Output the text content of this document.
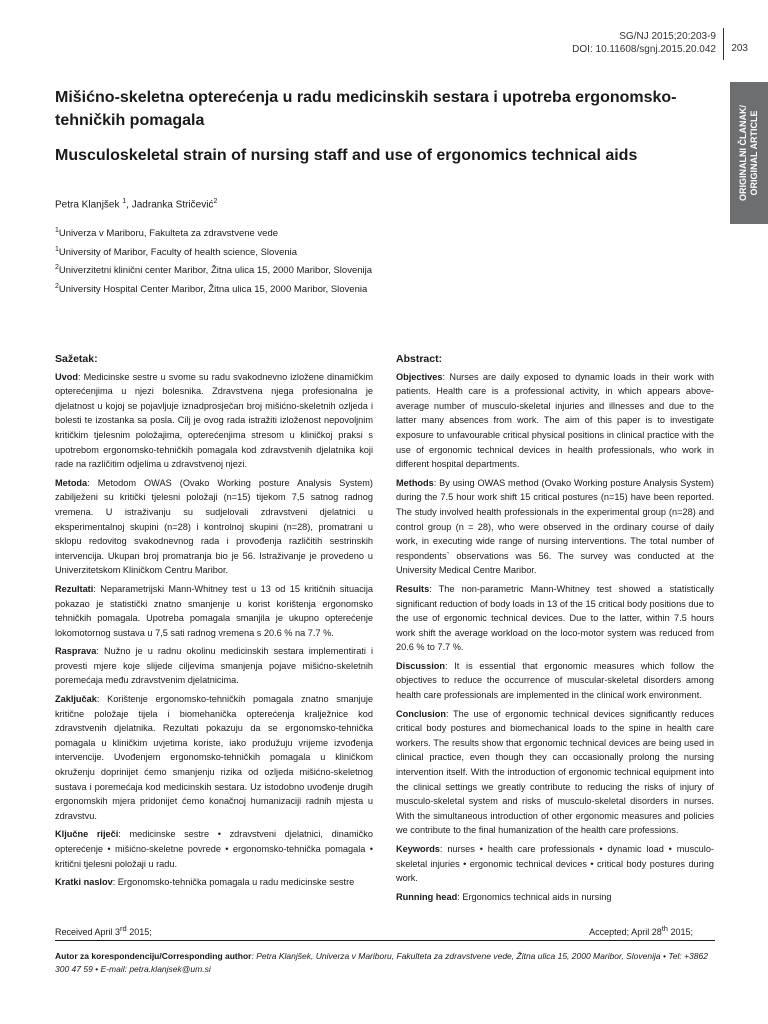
SG/NJ 2015;20:203-9
DOI: 10.11608/sgnj.2015.20.042 203
ORIGINALNI ČLANAK/ ORIGINAL ARTICLE
Mišićno-skeletna opterećenja u radu medicinskih sestara i upotreba ergonomsko-tehničkih pomagala
Musculoskeletal strain of nursing staff and use of ergonomics technical aids
Petra Klanjšek $^1$, Jadranka Stričević$^2$
$^1$Univerza v Mariboru, Fakulteta za zdravstvene vede
$^1$University of Maribor, Faculty of health science, Slovenia
$^2$Univerzitetni klinični center Maribor, Žitna ulica 15, 2000 Maribor, Slovenija
$^2$University Hospital Center Maribor, Žitna ulica 15, 2000 Maribor, Slovenia
Sažetak:

Uvod: Medicinske sestre u svome su radu svakodnevno izložene dinamičkim opterećenjima u njezi bolesnika. Zdravstvena njega profesionalna je djelatnost u kojoj se pojavljuje iznadprosječan broj mišićno-skeletnih ozljeda i bolesti te izostanka sa posla. Cilj je ovog rada istražiti izloženost nepovoljnim kritičkim tjelesnim položajima, opterećenjima stresom u kliničkoj praksi s upotrebom ergonomsko-tehničkih pomagala kod zdravstvenih djelatnika koji rade na različitim odjelima u zdravstvenoj njezi.

Metoda: Metodom OWAS (Ovako Working posture Analysis System) zabilježeni su kritički tjelesni položaji (n=15) tijekom 7,5 satnog radnog vremena. U istraživanju su sudjelovali zdravstveni djelatnici u eksperimentalnoj skupini (n=28) i kontrolnoj skupini (n=28), promatrani u sklopu redovitog svakodnevnog rada i provođenja različitih sestrinskih intervencija. Ukupan broj promatranja bio je 56. Istraživanje je provedeno u Univerzitetskom Kliničkom Centru Maribor.

Rezultati: Neparametrijski Mann-Whitney test u 13 od 15 kritičnih situacija pokazao je statistički znatno smanjenje u korist korištenja ergonomsko tehničkih pomagala. Upotreba pomagala smanjila je ukupno opterećenje lokomotornog sustava u 7,5 sati radnog vremena s 20.6 % na 7.7 %.

Rasprava: Nužno je u radnu okolinu medicinskih sestara implementirati i provesti mjere koje slijede ciljevima smanjenja pojave mišićno-skeletnih poremećaja među zdravstvenim djelatnicima.

Zaključak: Korištenje ergonomsko-tehničkih pomagala znatno smanjuje kritične položaje tijela i biomehanička opterećenja kralježnice kod zdravstvenih djelatnika. Rezultati pokazuju da se ergonomsko-tehnička pomagala u kliničkim uvjetima koriste, iako produžuju vrijeme izvođenja intervencije. Uvođenjem ergonomsko-tehničkih pomagala u kliničkom okruženju doprinijet ćemo smanjenju rizika od ozljeda mišićno-skeletnog sustava i poremećaja kod medicinskih sestara. Uz istodobno uvođenje drugih ergonomskih mjera pridonijet ćemo konačnoj humanizaciji radnih mjesta u zdravstvu.

Ključne riječi: medicinske sestre • zdravstveni djelatnici, dinamičko opterećenje • mišićno-skeletne povrede • ergonomsko-tehnička pomagala • kritični tjelesni položaji u radu.

Kratki naslov: Ergonomsko-tehnička pomagala u radu medicinske sestre

Abstract:

Objectives: Nurses are daily exposed to dynamic loads in their work with patients. Health care is a professional activity, in which appears above-average number of musculo-skeletal injuries and illnesses and due to the latter many absences from work. The aim of this paper is to investigate exposure to unfavourable critical physical positions in clinical practice with the use of ergonomic technical devices in health professionals, who work in different hospital departments.

Methods: By using OWAS method (Ovako Working posture Analysis System) during the 7.5 hour work shift 15 critical postures (n=15) have been reported. The study involved health professionals in the experimental group (n=28) and control group (n = 28), who were observed in the ordinary course of daily work, in executing wide range of nursing interventions. The total number of respondents` observations was 56. The survey was conducted at the University Medical Centre Maribor.

Results: The non-parametric Mann-Whitney test showed a statistically significant reduction of body loads in 13 of the 15 critical body positions due to the use of ergonomic technical devices. Due to the latter, within 7.5 hours work shift the average workload on the loco-motor system was reduced from 20.6 % to 7.7 %.

Discussion: It is essential that ergonomic measures which follow the objectives to reduce the occurrence of muscular-skeletal disorders among health care professionals are implemented in the clinical work environment.

Conclusion: The use of ergonomic technical devices significantly reduces critical body postures and biomechanical loads to the spine in health care workers. The results show that ergonomic technical devices are being used in clinical practice, even though they can occasionally prolong the nursing intervention itself. With the introduction of ergonomic technical equipment into the clinical settings we greatly contribute to reducing the risks of injury of musculo-skeletal system and risks of musculo-skeletal disorders in nurses. With the simultaneous introduction of other ergonomic measures and policies we contribute to the final humanization of the health care professions.

Keywords: nurses • health care professionals • dynamic load • musculo-skeletal injuries • ergonomic technical devices • critical body postures during work.

Running head: Ergonomics technical aids in nursing

Received April 3rd 2015;	Accepted; April 28th 2015;
Autor za korespondenciju/Corresponding author: Petra Klanjšek, Univerza v Mariboru, Fakulteta za zdravstvene vede, Žitna ulica 15, 2000 Maribor, Slovenija • Tel: +3862 300 47 59 • E-mail: petra.klanjsek@um.si
